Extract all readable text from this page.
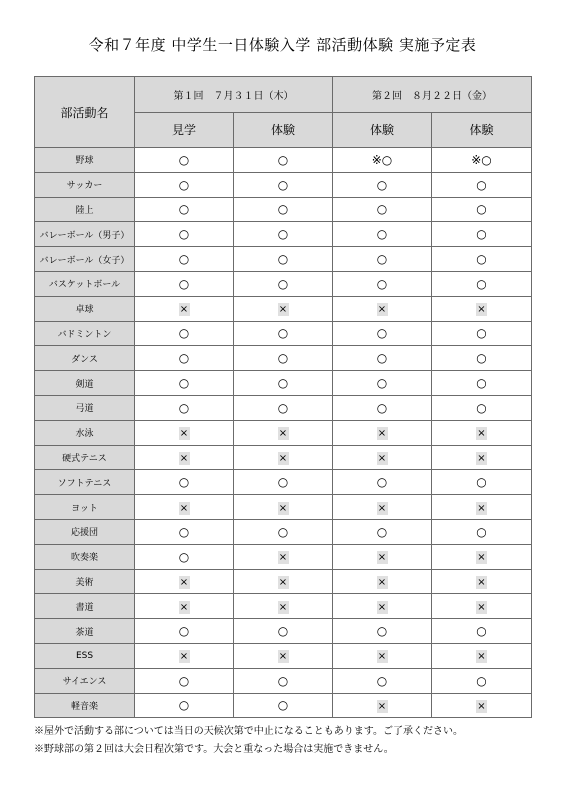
令和７年度 中学生一日体験入学 部活動体験 実施予定表
部活動名	第１回　７月３１日（木）		第２回　８月２２日（金）	
	見学	体験	体験	体験
野球	○	○	※○	※○
サッカー	○	○	○	○
陸上	○	○	○	○
バレーボール（男子）	○	○	○	○
バレーボール（女子）	○	○	○	○
バスケットボール	○	○	○	○
卓球	×	×	×	×
バドミントン	○	○	○	○
ダンス	○	○	○	○
剣道	○	○	○	○
弓道	○	○	○	○
水泳	×	×	×	×
硬式テニス	×	×	×	×
ソフトテニス	○	○	○	○
ヨット	×	×	×	×
応援団	○	○	○	○
吹奏楽	○	×	×	×
美術	×	×	×	×
書道	×	×	×	×
茶道	○	○	○	○
ESS	×	×	×	×
サイエンス	○	○	○	○
軽音楽	○	○	×	×
※屋外で活動する部については当日の天候次第で中止になることもあります。ご了承ください。
※野球部の第２回は大会日程次第です。大会と重なった場合は実施できません。
